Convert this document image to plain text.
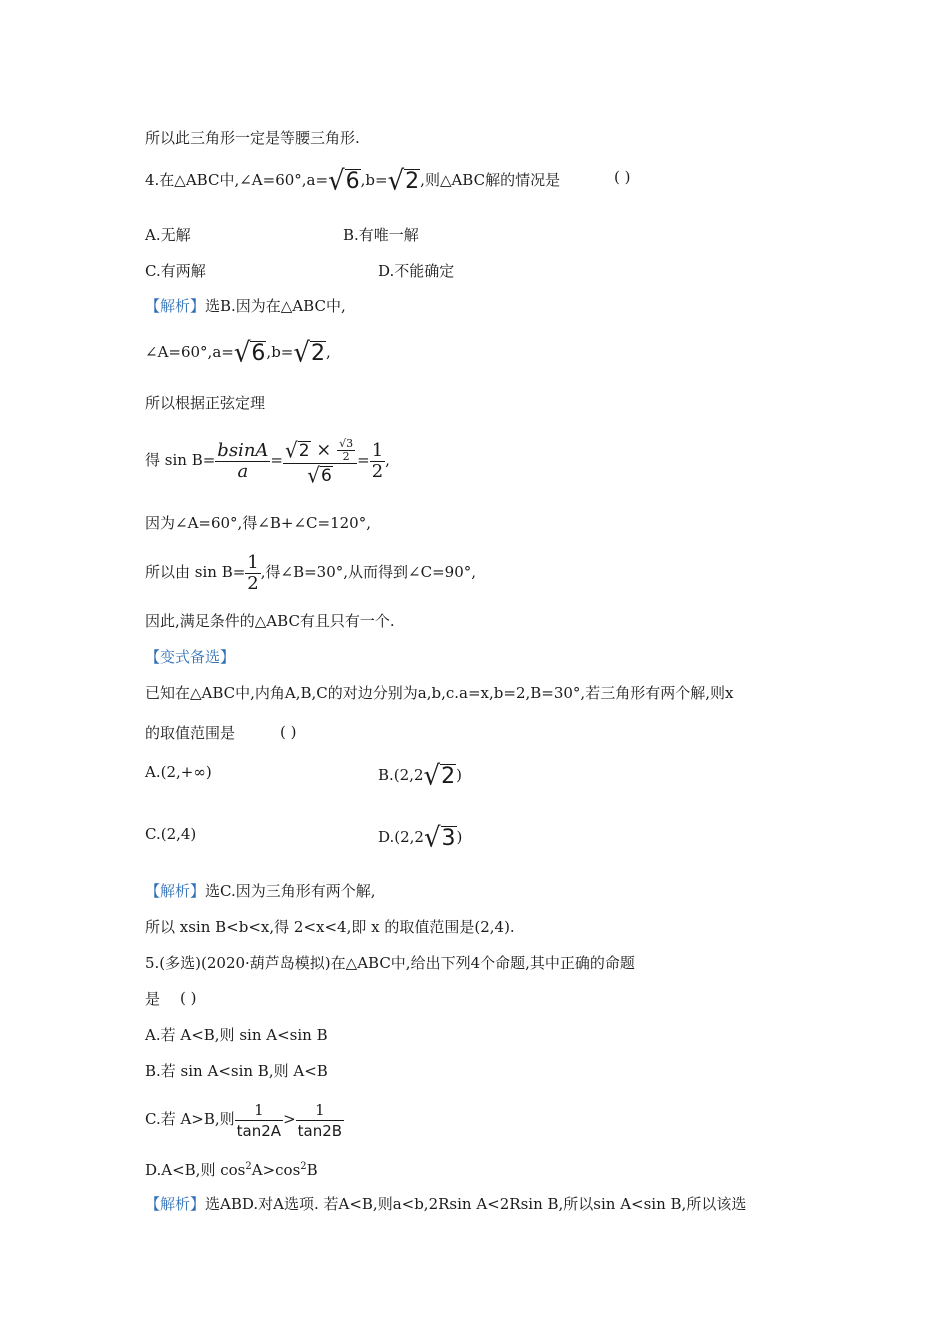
所以此三角形一定是等腰三角形.
4.在△ABC中,∠A=60°,a= √ 6 ,b= √ 2 ,则△ABC解的情况是	( )
A.无解	B.有唯一解
C.有两解	D.不能确定
【解析】选B.因为在△ABC中,
∠A=60°,a= √ 6 ,b= √ 2 ,
所以根据正弦定理
得 $\sin B= \frac{bsinA}{a} = \frac{√ 2 \times \frac{√3}{2}}{√ 6} = \frac{1}{2}$ ,
因为∠A=60°,得∠B+∠C=120°,
所以由 $\sin B= \frac{1}{2}$ ,得∠B=30°,从而得到∠C=90°,
因此,满足条件的△ABC有且只有一个.
【变式备选】
已知在△ABC中,内角A,B,C的对边分别为a,b,c.a=x,b=2,B=30°,若三角形有两个解,则x
的取值范围是	( )
A.(2,+∞)	B.(2,2 √ 2 )
C.(2,4)	D.(2,2 √ 3 )
【解析】选C.因为三角形有两个解,
所以 xsin B<b<x,得 2<x<4,即 x 的取值范围是(2,4).
5.(多选)(2020·葫芦岛模拟)在△ABC中,给出下列4个命题,其中正确的命题
是 ( )
A.若 A<B,则 sin A<sin B
B.若 sin A<sin B,则 A<B
C.若 A>B,则 $\frac{1}{\tan 2A} > \frac{1}{\tan 2B}$
D.A<B,则 $\cos^2A>\cos^2B$
【解析】选ABD.对A选项. 若A<B,则a<b,2Rsin A<2Rsin B,所以sin A<sin B,所以该选
